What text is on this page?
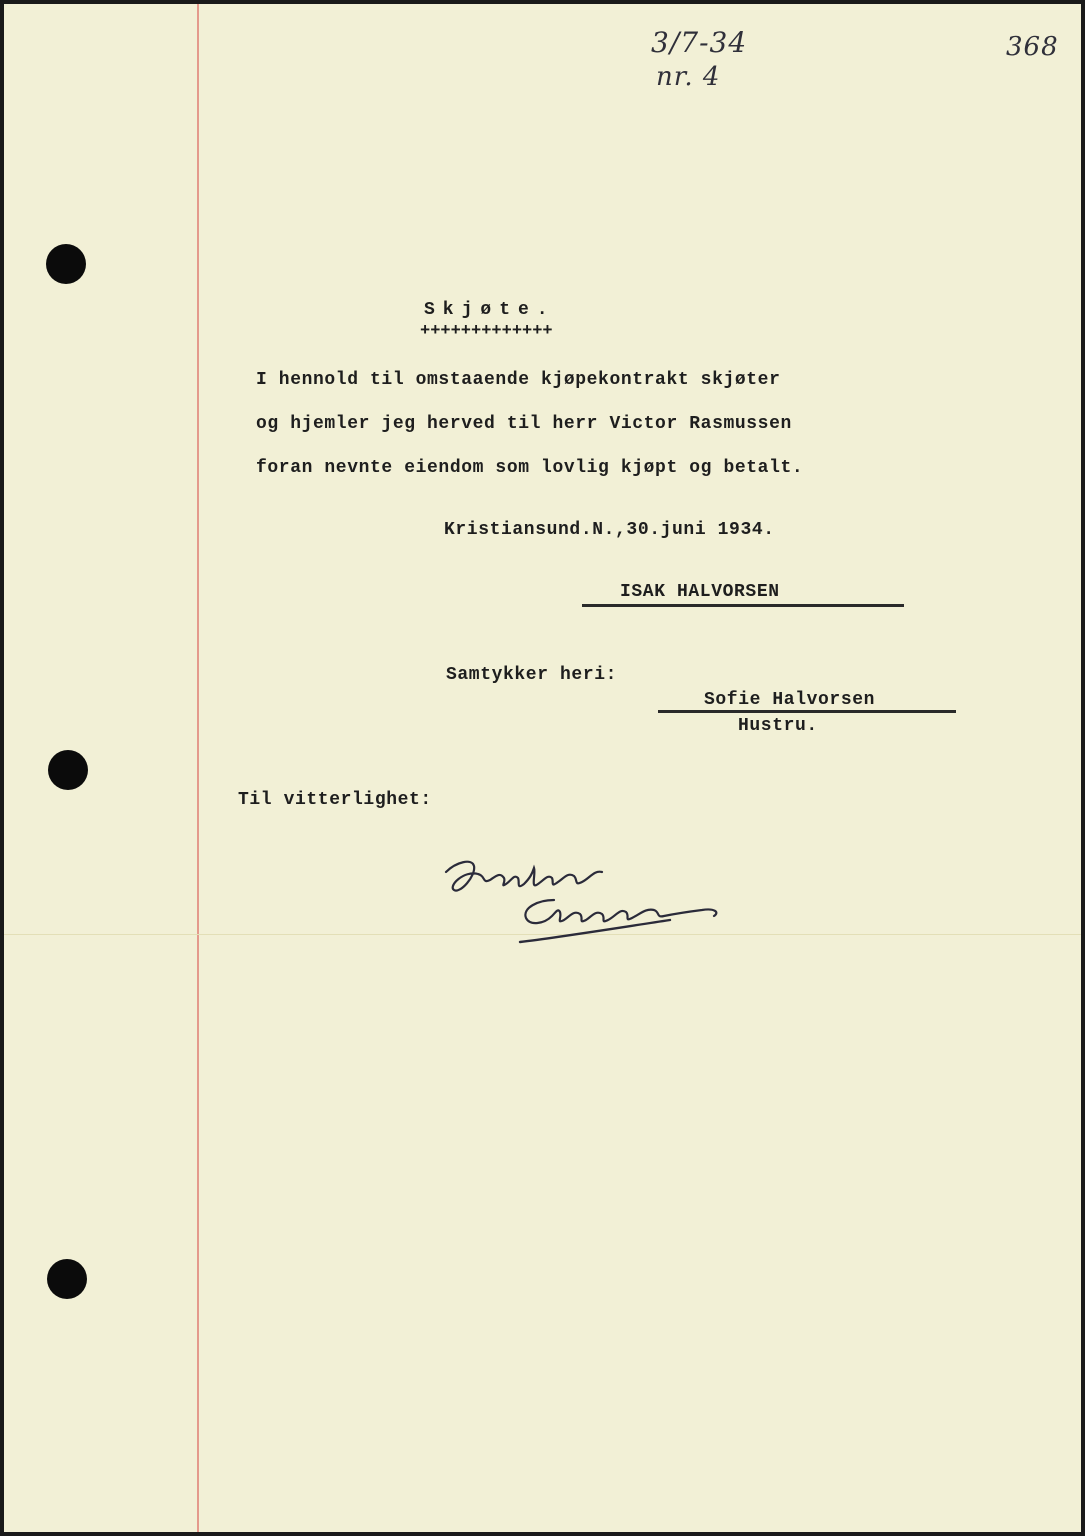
3/7-34
nr. 4
368
Skjøte.
+++++++++++++
I hennold til omstaaende kjøpekontrakt skjøter
og hjemler jeg herved til herr Victor Rasmussen
foran nevnte eiendom som lovlig kjøpt og betalt.
Kristiansund.N.,30.juni 1934.
ISAK HALVORSEN
Samtykker heri:
Sofie Halvorsen
Hustru.
Til vitterlighet:
